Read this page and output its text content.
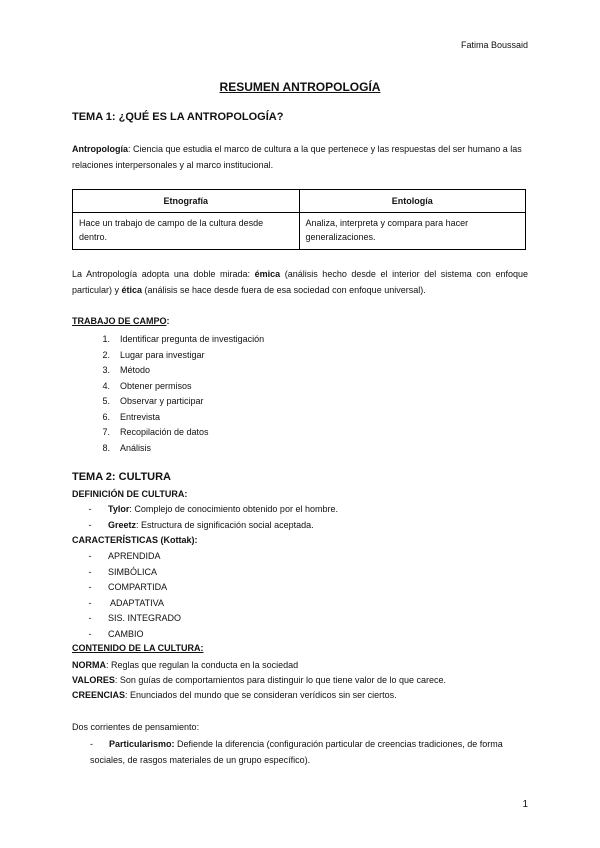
Fatima Boussaid
RESUMEN ANTROPOLOGÍA
TEMA 1: ¿QUÉ ES LA ANTROPOLOGÍA?
Antropología: Ciencia que estudia el marco de cultura a la que pertenece y las respuestas del ser humano a las relaciones interpersonales y al marco institucional.
Etnografía	Entología
Hace un trabajo de campo de la cultura desde dentro.	Analiza, interpreta y compara para hacer generalizaciones.
La Antropología adopta una doble mirada: émica (análisis hecho desde el interior del sistema con enfoque particular) y ética (análisis se hace desde fuera de esa sociedad con enfoque universal).
TRABAJO DE CAMPO:
1. Identificar pregunta de investigación
2. Lugar para investigar
3. Método
4. Obtener permisos
5. Observar y participar
6. Entrevista
7. Recopilación de datos
8. Análisis
TEMA 2: CULTURA
DEFINICIÓN DE CULTURA:
- Tylor: Complejo de conocimiento obtenido por el hombre.
- Greetz: Estructura de significación social aceptada.
CARACTERÍSTICAS (Kottak):
- APRENDIDA
- SIMBÓLICA
- COMPARTIDA
- ADAPTATIVA
- SIS. INTEGRADO
- CAMBIO
CONTENIDO DE LA CULTURA:
NORMA: Reglas que regulan la conducta en la sociedad
VALORES: Son guías de comportamientos para distinguir lo que tiene valor de lo que carece.
CREENCIAS: Enunciados del mundo que se consideran verídicos sin ser ciertos.
Dos corrientes de pensamiento:
- Particularismo: Defiende la diferencia (configuración particular de creencias tradiciones, de forma sociales, de rasgos materiales de un grupo específico).
1
